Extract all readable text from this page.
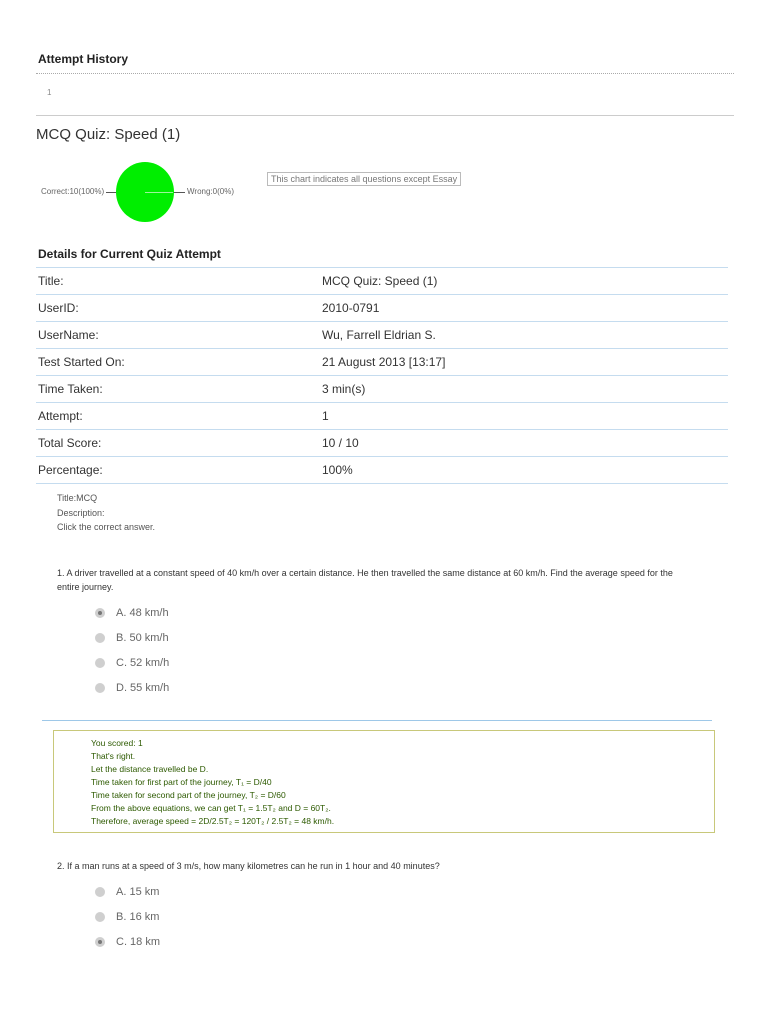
Attempt History
1
MCQ Quiz: Speed (1)
Correct:10(100%)	Wrong:0(0%)
This chart indicates all questions except Essay
Details for Current Quiz Attempt
Title:	MCQ Quiz: Speed (1)
UserID:	2010-0791
UserName:	Wu, Farrell Eldrian S.
Test Started On:	21 August 2013 [13:17]
Time Taken:	3 min(s)
Attempt:	1
Total Score:	10 / 10
Percentage:	100%
Title:MCQ
Description:
Click the correct answer.
1. A driver travelled at a constant speed of 40 km/h over a certain distance. He then travelled the same distance at 60 km/h. Find the average speed for the entire journey.
A. 48 km/h
B. 50 km/h
C. 52 km/h
D. 55 km/h
You scored: 1
That's right.
Let the distance travelled be D.
Time taken for first part of the journey, T₁ = D/40
Time taken for second part of the journey, T₂ = D/60
From the above equations, we can get T₁ = 1.5T₂ and D = 60T₂.
Therefore, average speed = 2D/2.5T₂ = 120T₂ / 2.5T₂ = 48 km/h.
2. If a man runs at a speed of 3 m/s, how many kilometres can he run in 1 hour and 40 minutes?
A. 15 km
B. 16 km
C. 18 km
